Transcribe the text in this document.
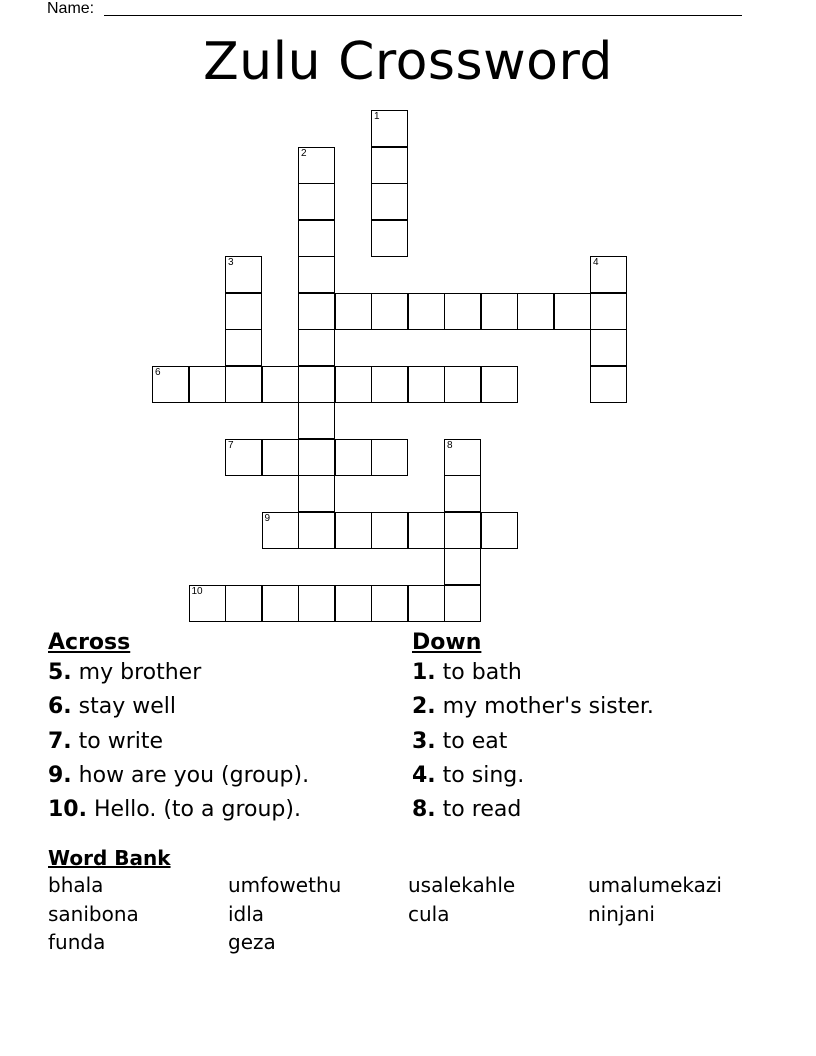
Name:
Zulu Crossword
1
2
3	4
6
7	8
9
10
Across	Down
5. my brother
6. stay well
7. to write
9. how are you (group).
10. Hello. (to a group).
1. to bath
2. my mother's sister.
3. to eat
4. to sing.
8. to read
Word Bank
bhala	umfowethu	usalekahle	umalumekazi
sanibona	idla	cula	ninjani
funda	geza
